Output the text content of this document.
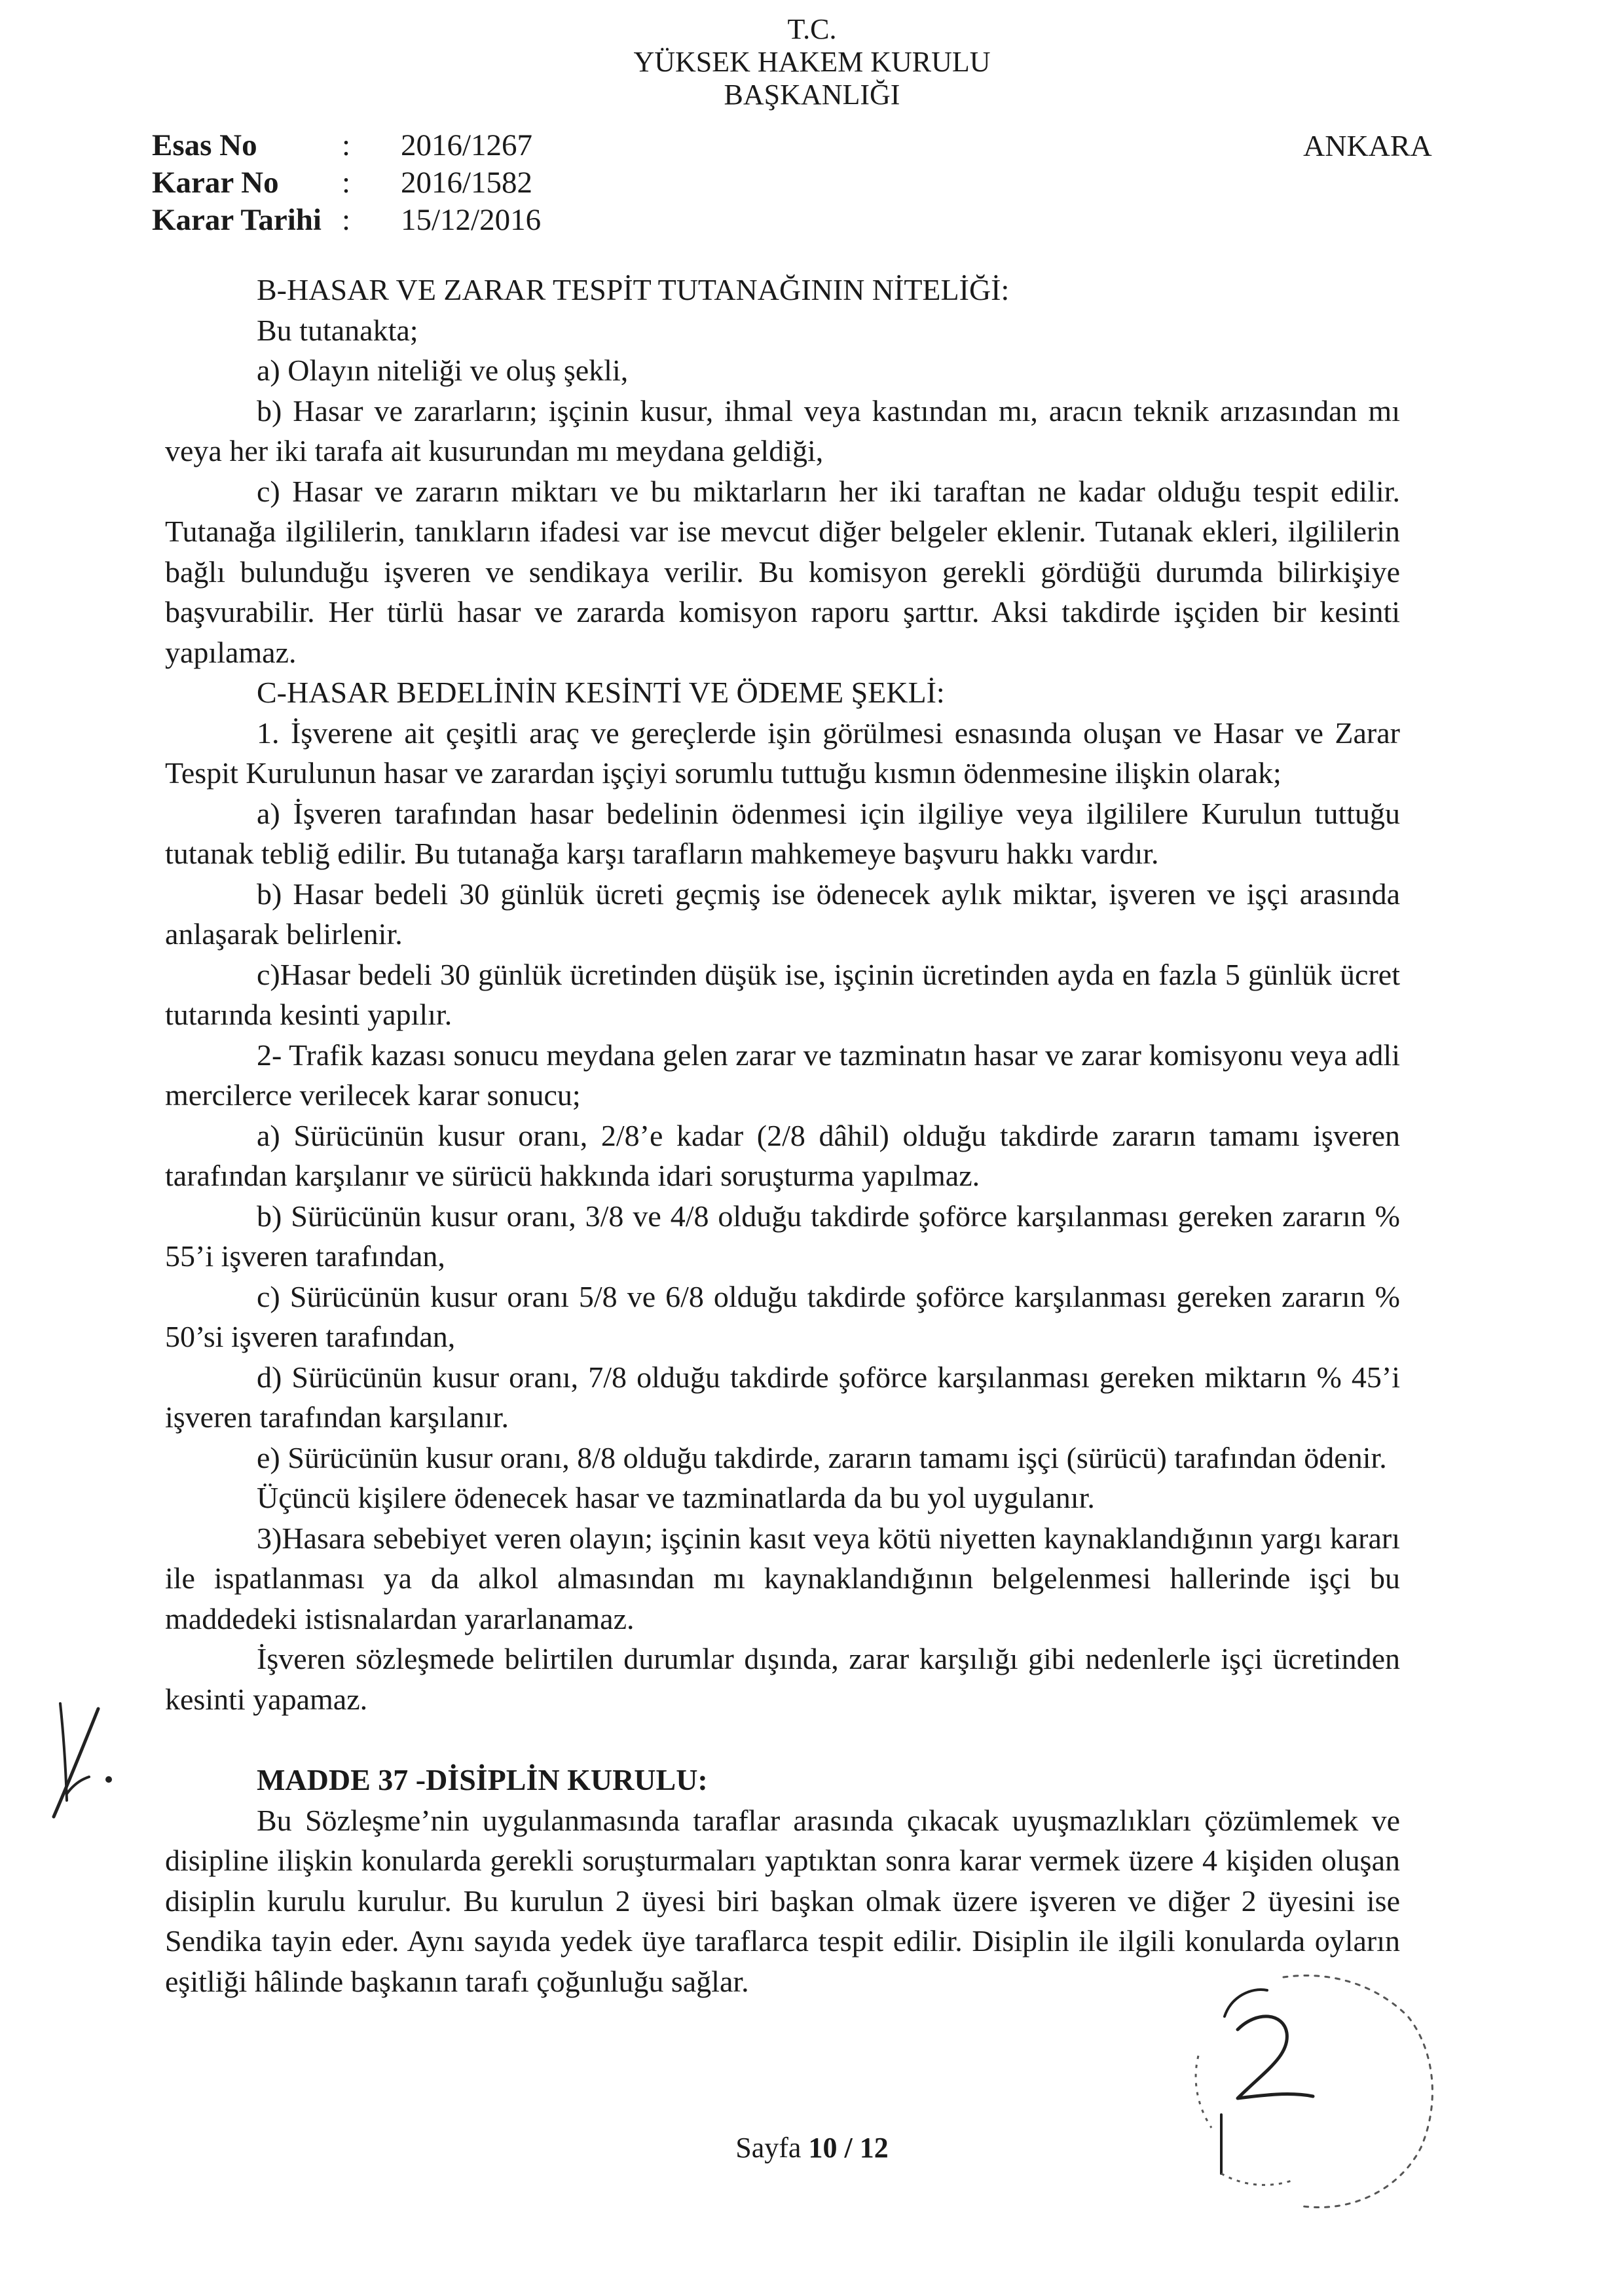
T.C.
YÜKSEK HAKEM KURULU
BAŞKANLIĞI
Esas No	:	2016/1267
Karar No	:	2016/1582
Karar Tarihi :	15/12/2016
ANKARA

B-HASAR VE ZARAR TESPİT TUTANAĞININ NİTELİĞİ:

Bu tutanakta;

a) Olayın niteliği ve oluş şekli,

b) Hasar ve zararların; işçinin kusur, ihmal veya kastından mı, aracın teknik arızasından mı veya her iki tarafa ait kusurundan mı meydana geldiği,

c) Hasar ve zararın miktarı ve bu miktarların her iki taraftan ne kadar olduğu tespit edilir. Tutanağa ilgililerin, tanıkların ifadesi var ise mevcut diğer belgeler eklenir. Tutanak ekleri, ilgililerin bağlı bulunduğu işveren ve sendikaya verilir. Bu komisyon gerekli gördüğü durumda bilirkişiye başvurabilir. Her türlü hasar ve zararda komisyon raporu şarttır. Aksi takdirde işçiden bir kesinti yapılamaz.

C-HASAR BEDELİNİN KESİNTİ VE ÖDEME ŞEKLİ:

1. İşverene ait çeşitli araç ve gereçlerde işin görülmesi esnasında oluşan ve Hasar ve Zarar Tespit Kurulunun hasar ve zarardan işçiyi sorumlu tuttuğu kısmın ödenmesine ilişkin olarak;

a) İşveren tarafından hasar bedelinin ödenmesi için ilgiliye veya ilgililere Kurulun tuttuğu tutanak tebliğ edilir. Bu tutanağa karşı tarafların mahkemeye başvuru hakkı vardır.

b) Hasar bedeli 30 günlük ücreti geçmiş ise ödenecek aylık miktar, işveren ve işçi arasında anlaşarak belirlenir.

c)Hasar bedeli 30 günlük ücretinden düşük ise, işçinin ücretinden ayda en fazla 5 günlük ücret tutarında kesinti yapılır.

2- Trafik kazası sonucu meydana gelen zarar ve tazminatın hasar ve zarar komisyonu veya adli mercilerce verilecek karar sonucu;

a) Sürücünün kusur oranı, 2/8’e kadar (2/8 dâhil) olduğu takdirde zararın tamamı işveren tarafından karşılanır ve sürücü hakkında idari soruşturma yapılmaz.

b) Sürücünün kusur oranı, 3/8 ve 4/8 olduğu takdirde şoförce karşılanması gereken zararın % 55’i işveren tarafından,

c) Sürücünün kusur oranı 5/8 ve 6/8 olduğu takdirde şoförce karşılanması gereken zararın % 50’si işveren tarafından,

d) Sürücünün kusur oranı, 7/8 olduğu takdirde şoförce karşılanması gereken miktarın % 45’i işveren tarafından karşılanır.

e) Sürücünün kusur oranı, 8/8 olduğu takdirde, zararın tamamı işçi (sürücü) tarafından ödenir.

Üçüncü kişilere ödenecek hasar ve tazminatlarda da bu yol uygulanır.

3)Hasara sebebiyet veren olayın; işçinin kasıt veya kötü niyetten kaynaklandığının yargı kararı ile ispatlanması ya da alkol almasından mı kaynaklandığının belgelenmesi hallerinde işçi bu maddedeki istisnalardan yararlanamaz.

İşveren sözleşmede belirtilen durumlar dışında, zarar karşılığı gibi nedenlerle işçi ücretinden kesinti yapamaz.

MADDE 37 -DİSİPLİN KURULU:

Bu Sözleşme’nin uygulanmasında taraflar arasında çıkacak uyuşmazlıkları çözümlemek ve disipline ilişkin konularda gerekli soruşturmaları yaptıktan sonra karar vermek üzere 4 kişiden oluşan disiplin kurulu kurulur. Bu kurulun 2 üyesi biri başkan olmak üzere işveren ve diğer 2 üyesini ise Sendika tayin eder. Aynı sayıda yedek üye taraflarca tespit edilir. Disiplin ile ilgili konularda oyların eşitliği hâlinde başkanın tarafı çoğunluğu sağlar.

Sayfa 10 / 12
